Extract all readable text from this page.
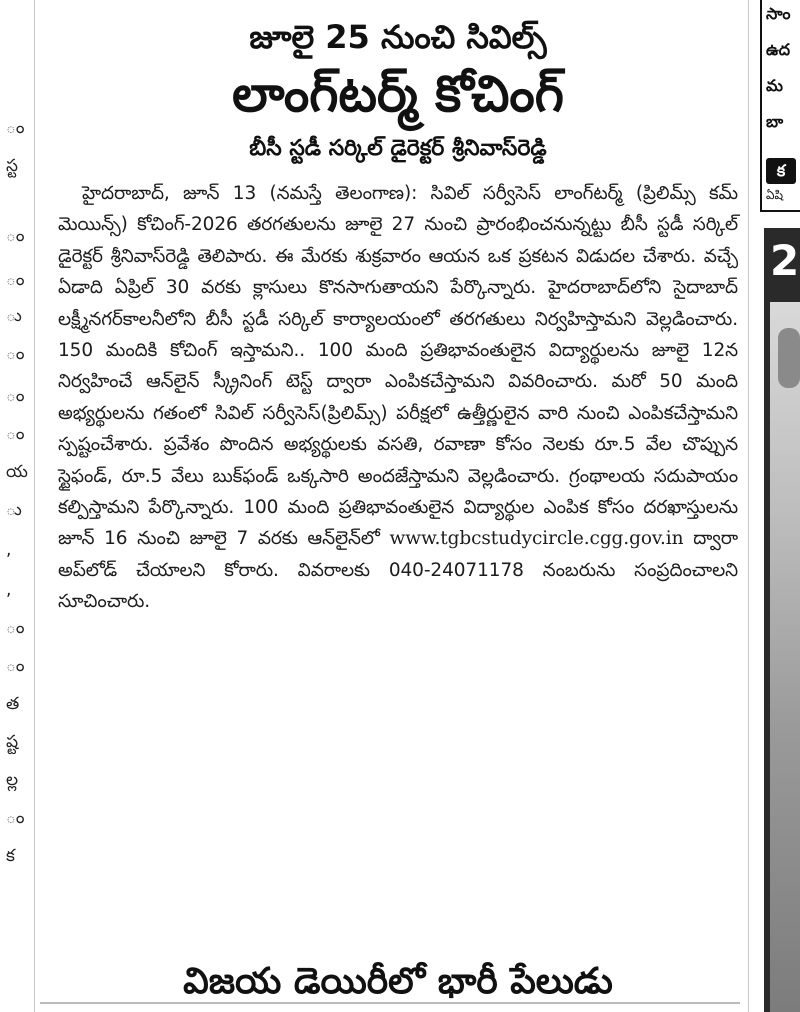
ం
స్ట
ం
ం
ు
ం
ం
ం
య
ు
,
,
ం
ం
త
ష్ట
ల్ల
ం
క
జూలై 25 నుంచి సివిల్స్
లాంగ్‌టర్మ్ కోచింగ్
బీసీ స్టడీ సర్కిల్ డైరెక్టర్ శ్రీనివాస్‌రెడ్డి
హైదరాబాద్, జూన్ 13 (నమస్తే తెలంగాణ): సివిల్ సర్వీసెస్ లాంగ్‌టర్మ్ (ప్రిలిమ్స్ కమ్ మెయిన్స్) కోచింగ్-2026 తరగతులను జూలై 27 నుంచి ప్రారంభించనున్నట్టు బీసీ స్టడీ సర్కిల్ డైరెక్టర్ శ్రీనివాస్‌రెడ్డి తెలిపారు. ఈ మేరకు శుక్రవారం ఆయన ఒక ప్రకటన విడుదల చేశారు. వచ్చే ఏడాది ఏప్రిల్ 30 వరకు క్లాసులు కొనసాగుతాయని పేర్కొన్నారు. హైదరాబాద్‌లోని సైదాబాద్ లక్ష్మీనగర్‌కాలనీలోని బీసీ స్టడీ సర్కిల్ కార్యాలయంలో తరగతులు నిర్వహిస్తామని వెల్లడించారు. 150 మందికి కోచింగ్ ఇస్తామని.. 100 మంది ప్రతిభావంతులైన విద్యార్థులను జూలై 12న నిర్వహించే ఆన్‌లైన్ స్క్రీనింగ్ టెస్ట్ ద్వారా ఎంపికచేస్తామని వివరించారు. మరో 50 మంది అభ్యర్థులను గతంలో సివిల్ సర్వీసెస్(ప్రిలిమ్స్) పరీక్షలో ఉత్తీర్ణులైన వారి నుంచి ఎంపికచేస్తామని స్పష్టంచేశారు. ప్రవేశం పొందిన అభ్యర్థులకు వసతి, రవాణా కోసం నెలకు రూ.5 వేల చొప్పున స్టైఫండ్, రూ.5 వేలు బుక్‌ఫండ్ ఒక్కసారి అందజేస్తామని వెల్లడించారు. గ్రంథాలయ సదుపాయం కల్పిస్తామని పేర్కొన్నారు. 100 మంది ప్రతిభావంతులైన విద్యార్థుల ఎంపిక కోసం దరఖాస్తులను జూన్ 16 నుంచి జూలై 7 వరకు ఆన్‌లైన్‌లో www.tgbcstudycircle.cgg.gov.in ద్వారా అప్‌లోడ్ చేయాలని కోరారు. వివరాలకు 040-24071178 నంబరును సంప్రదించాలని సూచించారు.
విజయ డెయిరీలో భారీ పేలుడు
సాం
ఉద
మ
బా
క
ఏషి
2
